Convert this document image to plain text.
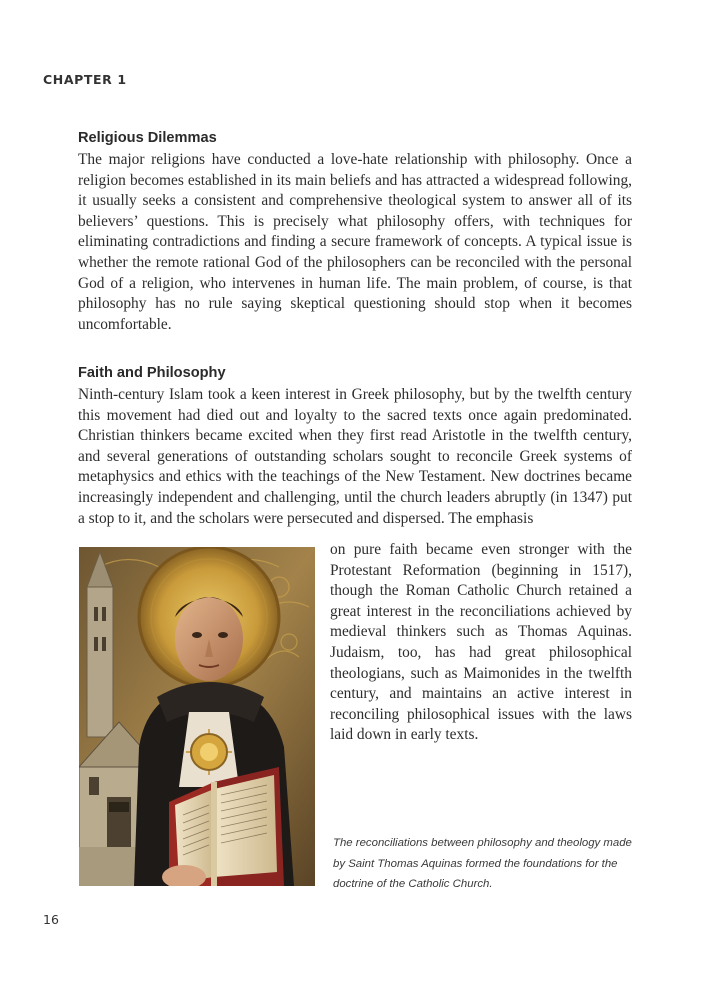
CHAPTER 1
Religious Dilemmas

The major religions have conducted a love-hate relationship with philosophy. Once a religion becomes established in its main beliefs and has attracted a widespread following, it usually seeks a consistent and comprehensive theological system to answer all of its believers’ questions. This is precisely what philosophy offers, with techniques for eliminating contradictions and finding a secure framework of concepts. A typical issue is whether the remote rational God of the philosophers can be reconciled with the personal God of a religion, who intervenes in human life. The main problem, of course, is that philosophy has no rule saying skeptical questioning should stop when it becomes uncomfortable.

Faith and Philosophy

Ninth-century Islam took a keen interest in Greek philosophy, but by the twelfth century this movement had died out and loyalty to the sacred texts once again predominated. Christian thinkers became excited when they first read Aristotle in the twelfth century, and several generations of outstanding scholars sought to reconcile Greek systems of metaphysics and ethics with the teachings of the New Testament. New doctrines became increasingly independent and challenging, until the church leaders abruptly (in 1347) put a stop to it, and the scholars were persecuted and dispersed. The emphasis

on pure faith became even stronger with the Protestant Reformation (beginning in 1517), though the Roman Catholic Church retained a great interest in the reconciliations achieved by medieval thinkers such as Thomas Aquinas. Judaism, too, has had great philosophical theologians, such as Maimonides in the twelfth century, and maintains an active interest in reconciling philosophical issues with the laws laid down in early texts.

The reconciliations between philosophy and theology made by Saint Thomas Aquinas formed the foundations for the doctrine of the Catholic Church.
16
